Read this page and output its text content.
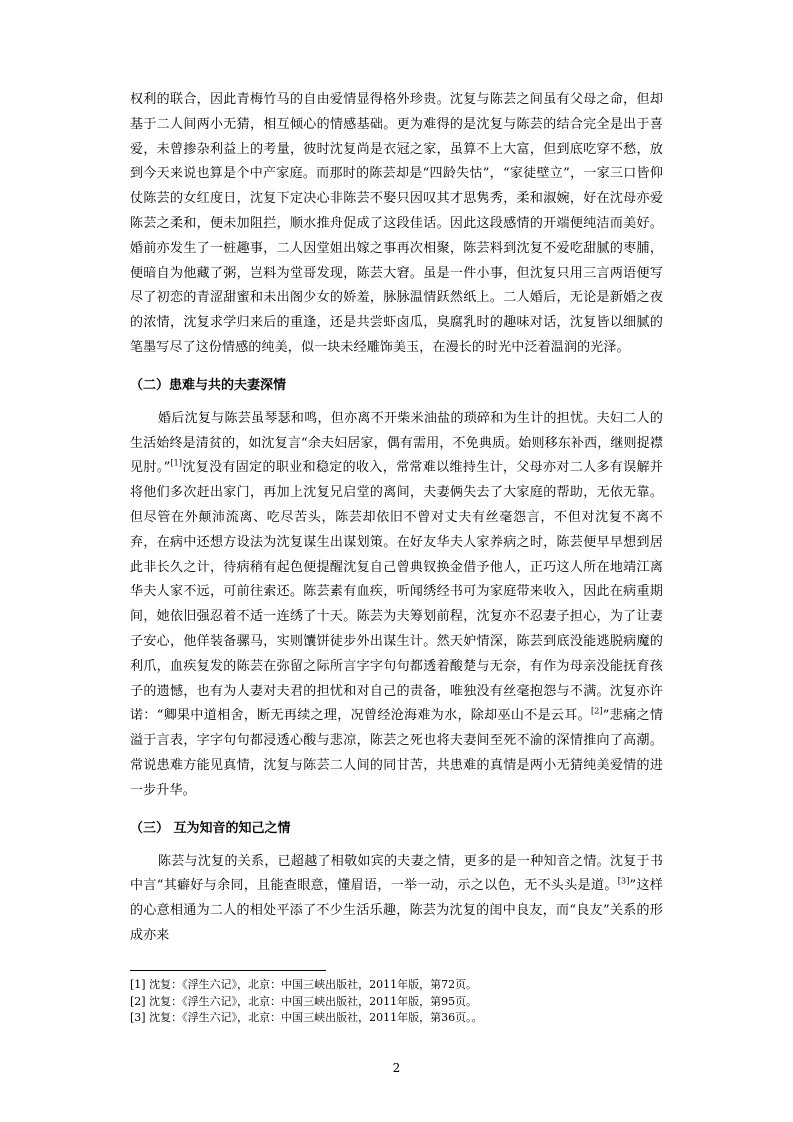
权利的联合，因此青梅竹马的自由爱情显得格外珍贵。沈复与陈芸之间虽有父母之命，但却基于二人间两小无猜，相互倾心的情感基础。更为难得的是沈复与陈芸的结合完全是出于喜爱，未曾掺杂利益上的考量，彼时沈复尚是衣冠之家，虽算不上大富，但到底吃穿不愁，放到今天来说也算是个中产家庭。而那时的陈芸却是“四龄失怙”，“家徒壁立”，一家三口皆仰仗陈芸的女红度日，沈复下定决心非陈芸不娶只因叹其才思隽秀，柔和淑婉，好在沈母亦爱陈芸之柔和，便未加阻拦，顺水推舟促成了这段佳话。因此这段感情的开端便纯洁而美好。婚前亦发生了一桩趣事，二人因堂姐出嫁之事再次相聚，陈芸料到沈复不爱吃甜腻的枣脯，便暗自为他藏了粥，岂料为堂哥发现，陈芸大窘。虽是一件小事，但沈复只用三言两语便写尽了初恋的青涩甜蜜和未出阁少女的娇羞，脉脉温情跃然纸上。二人婚后，无论是新婚之夜的浓情，沈复求学归来后的重逢，还是共尝虾卤瓜，臭腐乳时的趣味对话，沈复皆以细腻的笔墨写尽了这份情感的纯美，似一块未经雕饰美玉，在漫长的时光中泛着温润的光泽。

（二）患难与共的夫妻深情

婚后沈复与陈芸虽琴瑟和鸣，但亦离不开柴米油盐的琐碎和为生计的担忧。夫妇二人的生活始终是清贫的，如沈复言“余夫妇居家，偶有需用，不免典质。始则移东补西，继则捉襟见肘。”[1]沈复没有固定的职业和稳定的收入，常常难以维持生计，父母亦对二人多有误解并将他们多次赶出家门，再加上沈复兄启堂的离间，夫妻俩失去了大家庭的帮助，无依无靠。但尽管在外颠沛流离、吃尽苦头，陈芸却依旧不曾对丈夫有丝毫怨言，不但对沈复不离不弃，在病中还想方设法为沈复谋生出谋划策。在好友华夫人家养病之时，陈芸便早早想到居此非长久之计，待病稍有起色便提醒沈复自己曾典钗换金借予他人，正巧这人所在地靖江离华夫人家不远，可前往索还。陈芸素有血疾，听闻绣经书可为家庭带来收入，因此在病重期间，她依旧强忍着不适一连绣了十天。陈芸为夫筹划前程，沈复亦不忍妻子担心，为了让妻子安心，他佯装备骡马，实则馕饼徒步外出谋生计。然天妒情深，陈芸到底没能逃脱病魔的利爪，血疾复发的陈芸在弥留之际所言字字句句都透着酸楚与无奈，有作为母亲没能抚育孩子的遗憾，也有为人妻对夫君的担忧和对自己的责备，唯独没有丝毫抱怨与不满。沈复亦许诺：“卿果中道相舍，断无再续之理，况曾经沧海难为水，除却巫山不是云耳。[2]”悲痛之情溢于言表，字字句句都浸透心酸与悲凉，陈芸之死也将夫妻间至死不渝的深情推向了高潮。常说患难方能见真情，沈复与陈芸二人间的同甘苦，共患难的真情是两小无猜纯美爱情的进一步升华。

（三） 互为知音的知己之情

陈芸与沈复的关系，已超越了相敬如宾的夫妻之情，更多的是一种知音之情。沈复于书中言“其癖好与余同，且能查眼意，懂眉语，一举一动，示之以色，无不头头是道。[3]”这样的心意相通为二人的相处平添了不少生活乐趣，陈芸为沈复的闺中良友，而“良友”关系的形成亦来

[1] 沈复：《浮生六记》，北京：中国三峡出版社，2011年版，第72页。

[2] 沈复：《浮生六记》，北京：中国三峡出版社，2011年版，第95页。

[3] 沈复：《浮生六记》，北京：中国三峡出版社，2011年版，第36页。。

2
